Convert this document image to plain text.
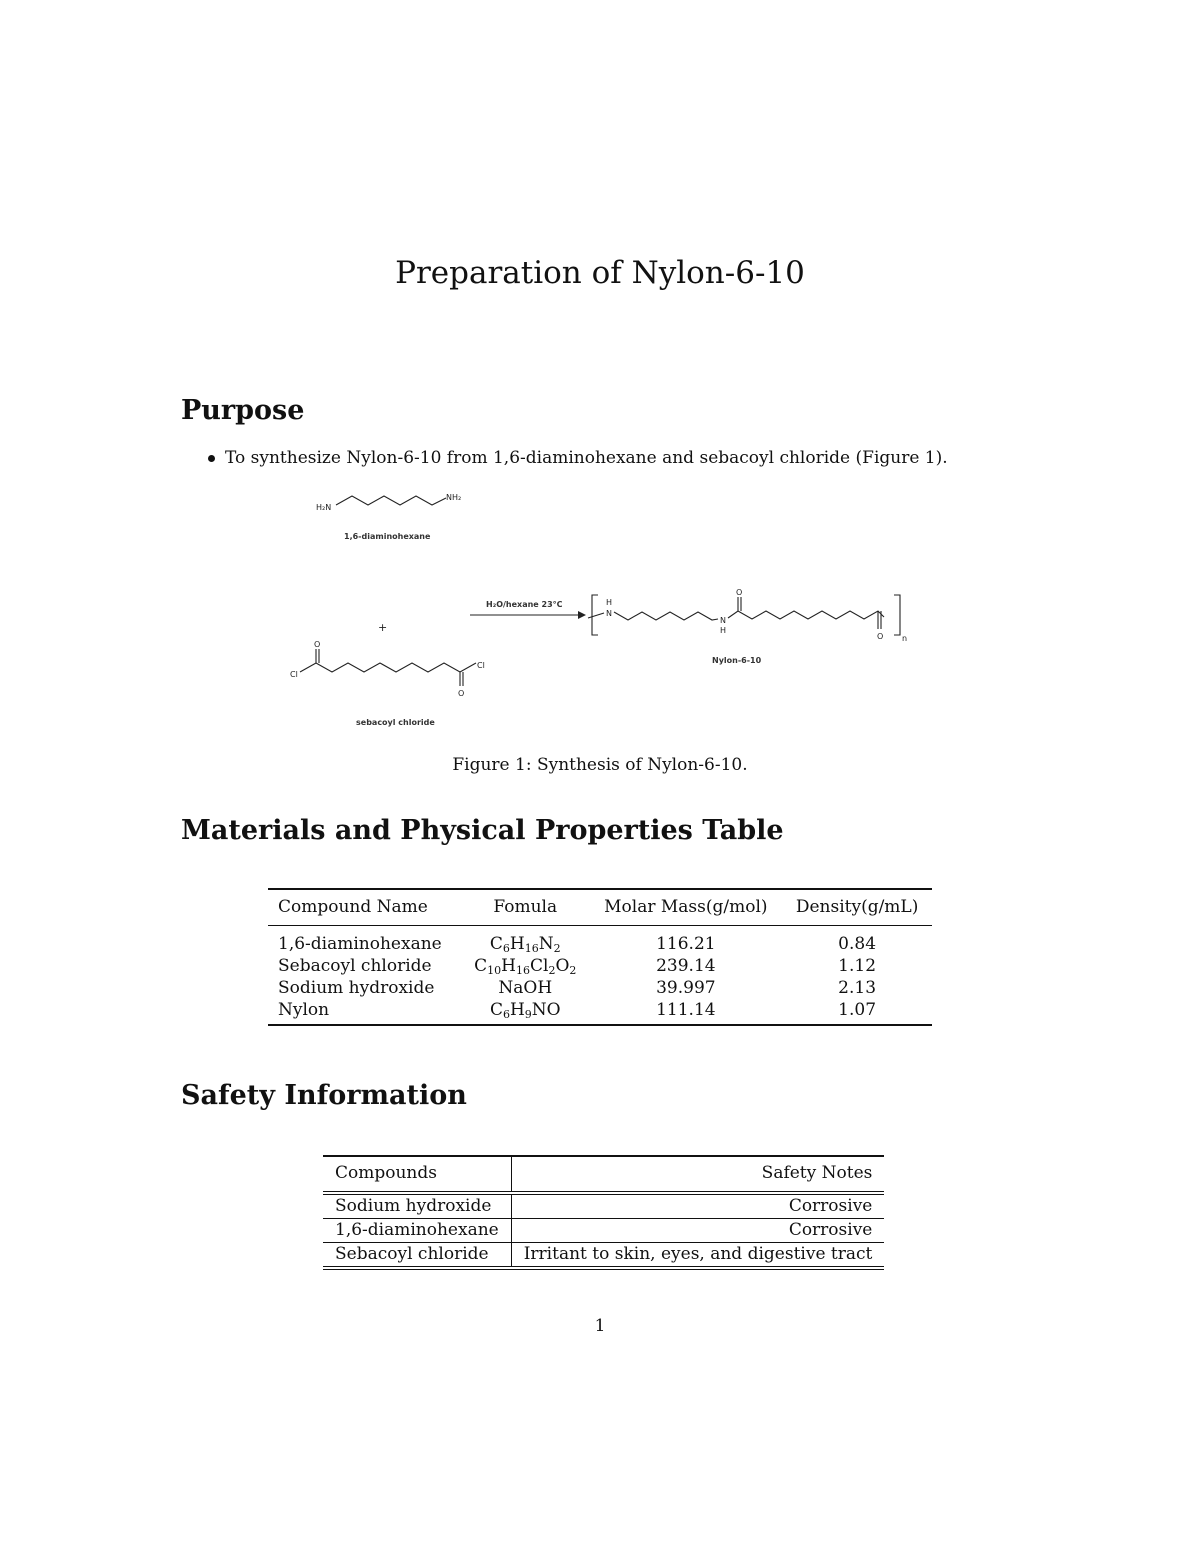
Preparation of Nylon-6-10
Purpose
To synthesize Nylon-6-10 from 1,6-diaminohexane and sebacoyl chloride (Figure 1).
H₂N
NH₂
1,6-diaminohexane
+
Cl
O
O
Cl
sebacoyl chloride
H₂O/hexane 23°C	H
N
N
H
O
O n
Nylon-6-10
Figure 1: Synthesis of Nylon-6-10.
Materials and Physical Properties Table
Compound Name	Fomula	Molar Mass(g/mol)	Density(g/mL)
1,6-diaminohexane	$C_6H_{16}N_2$	116.21	0.84
Sebacoyl chloride	$C_{10}H_{16}Cl_2O_2$	239.14	1.12
Sodium hydroxide	NaOH	39.997	2.13
Nylon	$C_6H_9NO$	111.14	1.07
Safety Information
Compounds	Safety Notes
Sodium hydroxide	Corrosive
1,6-diaminohexane	Corrosive
Sebacoyl chloride	Irritant to skin, eyes, and digestive tract
1
